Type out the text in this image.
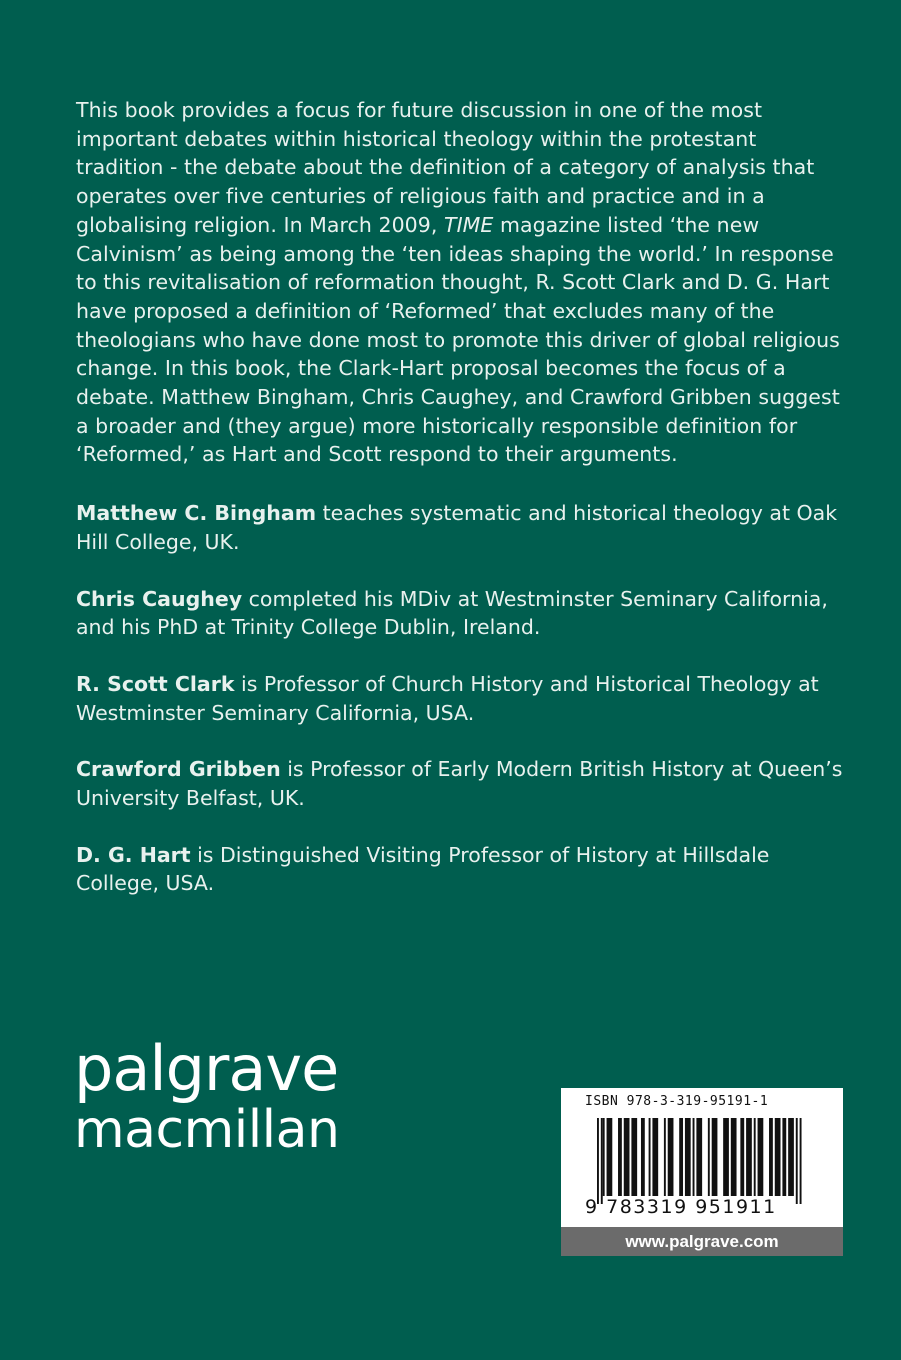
This book provides a focus for future discussion in one of the most important debates within historical theology within the protestant tradition - the debate about the definition of a category of analysis that operates over five centuries of religious faith and practice and in a globalising religion. In March 2009, TIME magazine listed ‘the new Calvinism’ as being among the ‘ten ideas shaping the world.’ In response to this revitalisation of reformation thought, R. Scott Clark and D. G. Hart have proposed a definition of ‘Reformed’ that excludes many of the theologians who have done most to promote this driver of global religious change. In this book, the Clark-Hart proposal becomes the focus of a debate. Matthew Bingham, Chris Caughey, and Crawford Gribben suggest a broader and (they argue) more historically responsible definition for ‘Reformed,’ as Hart and Scott respond to their arguments.

Matthew C. Bingham teaches systematic and historical theology at Oak Hill College, UK.

Chris Caughey completed his MDiv at Westminster Seminary California, and his PhD at Trinity College Dublin, Ireland.

R. Scott Clark is Professor of Church History and Historical Theology at Westminster Seminary California, USA.

Crawford Gribben is Professor of Early Modern British History at Queen’s University Belfast, UK.

D. G. Hart is Distinguished Visiting Professor of History at Hillsdale College, USA.

palgrave
macmillan	ISBN 978-3-319-95191-1
9 783319 951911
www.palgrave.com
